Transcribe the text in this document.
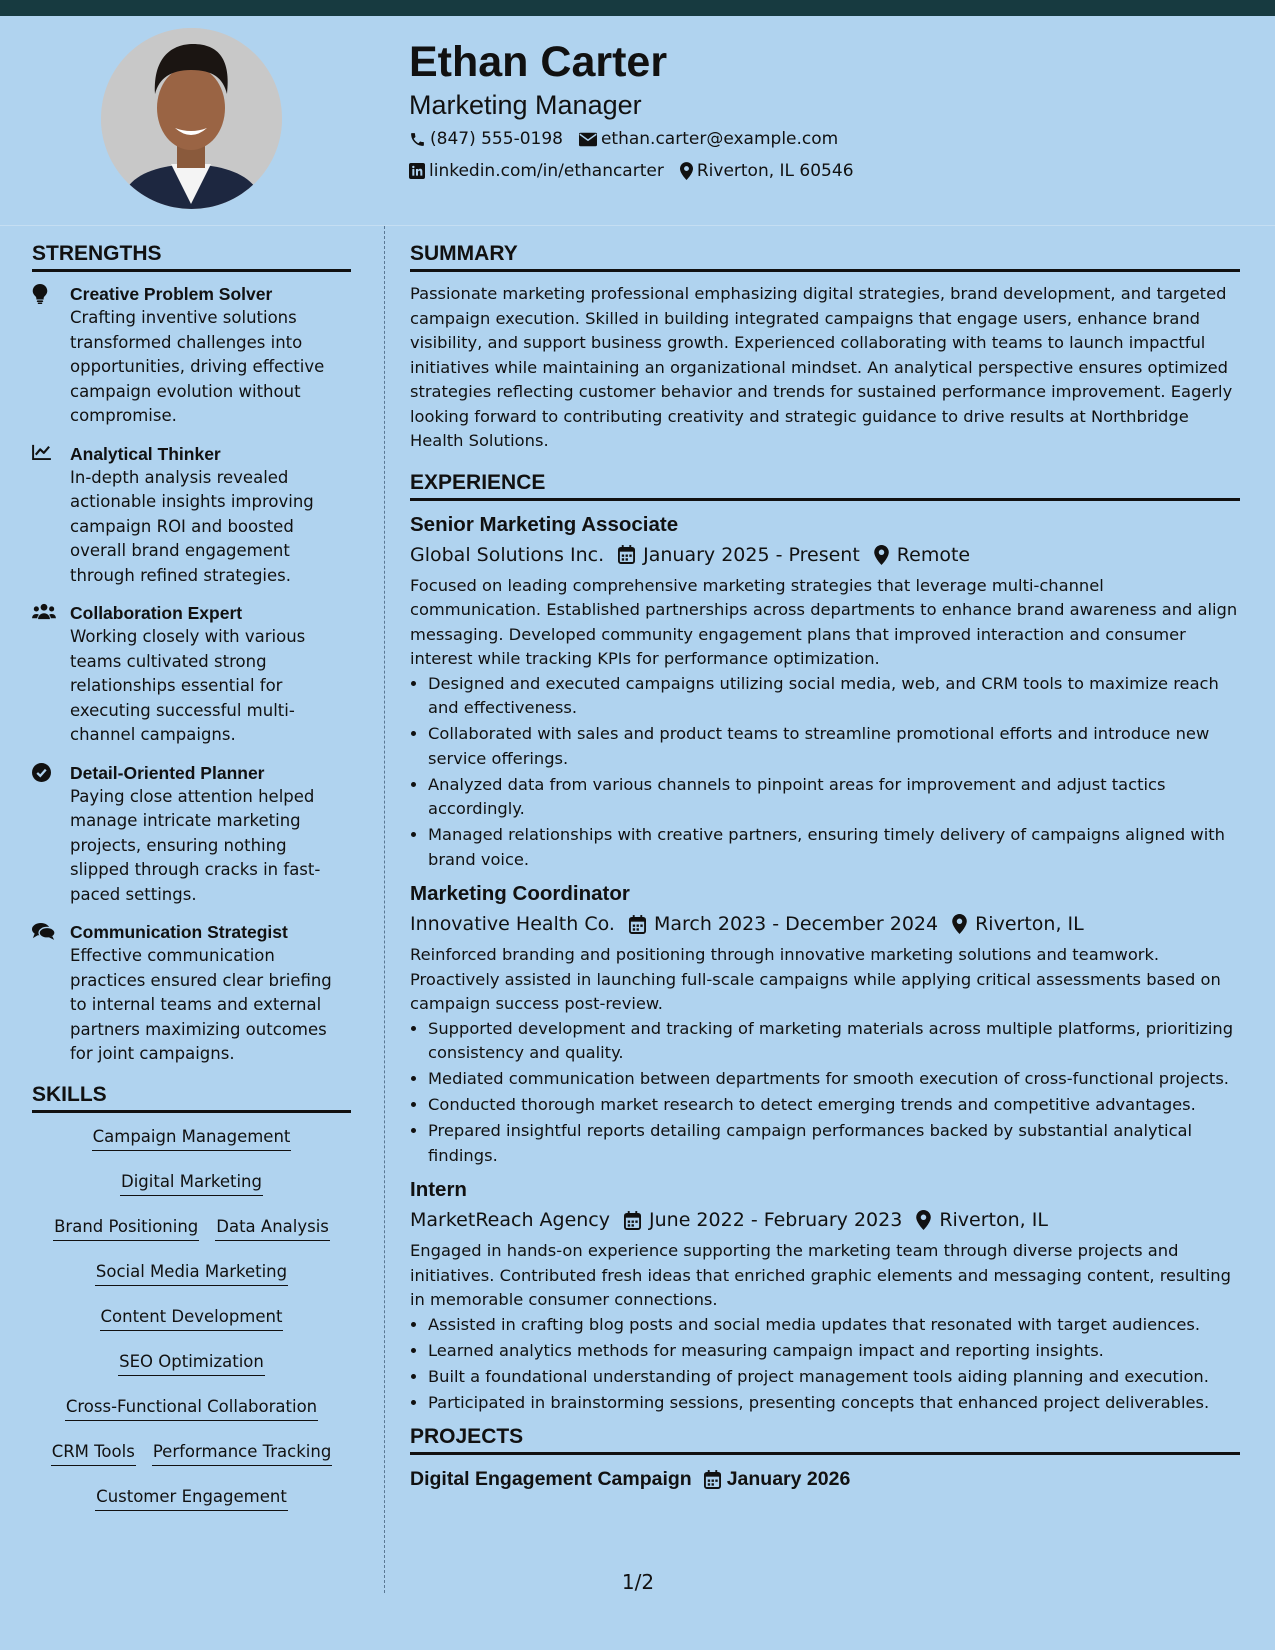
Ethan Carter
Marketing Manager
(847) 555-0198 ethan.carter@example.com
linkedin.com/in/ethancarter Riverton, IL 60546
STRENGTHS
Creative Problem Solver
Crafting inventive solutions transformed challenges into opportunities, driving effective campaign evolution without compromise.
Analytical Thinker
In-depth analysis revealed actionable insights improving campaign ROI and boosted overall brand engagement through refined strategies.
Collaboration Expert
Working closely with various teams cultivated strong relationships essential for executing successful multi-channel campaigns.
Detail-Oriented Planner
Paying close attention helped manage intricate marketing projects, ensuring nothing slipped through cracks in fast-paced settings.
Communication Strategist
Effective communication practices ensured clear briefing to internal teams and external partners maximizing outcomes for joint campaigns.
SKILLS
Campaign Management
Digital Marketing
Brand Positioning Data Analysis
Social Media Marketing
Content Development
SEO Optimization
Cross-Functional Collaboration
CRM Tools Performance Tracking
Customer Engagement
SUMMARY

Passionate marketing professional emphasizing digital strategies, brand development, and targeted campaign execution. Skilled in building integrated campaigns that engage users, enhance brand visibility, and support business growth. Experienced collaborating with teams to launch impactful initiatives while maintaining an organizational mindset. An analytical perspective ensures optimized strategies reflecting customer behavior and trends for sustained performance improvement. Eagerly looking forward to contributing creativity and strategic guidance to drive results at Northbridge Health Solutions.

EXPERIENCE
Senior Marketing Associate
Global Solutions Inc. January 2025 - Present Remote

Focused on leading comprehensive marketing strategies that leverage multi-channel communication. Established partnerships across departments to enhance brand awareness and align messaging. Developed community engagement plans that improved interaction and consumer interest while tracking KPIs for performance optimization.

• Designed and executed campaigns utilizing social media, web, and CRM tools to maximize reach and effectiveness.
• Collaborated with sales and product teams to streamline promotional efforts and introduce new service offerings.
• Analyzed data from various channels to pinpoint areas for improvement and adjust tactics accordingly.
• Managed relationships with creative partners, ensuring timely delivery of campaigns aligned with brand voice.
Marketing Coordinator
Innovative Health Co. March 2023 - December 2024 Riverton, IL

Reinforced branding and positioning through innovative marketing solutions and teamwork. Proactively assisted in launching full-scale campaigns while applying critical assessments based on campaign success post-review.

• Supported development and tracking of marketing materials across multiple platforms, prioritizing consistency and quality.
• Mediated communication between departments for smooth execution of cross-functional projects.
• Conducted thorough market research to detect emerging trends and competitive advantages.
• Prepared insightful reports detailing campaign performances backed by substantial analytical findings.
Intern
MarketReach Agency June 2022 - February 2023 Riverton, IL

Engaged in hands-on experience supporting the marketing team through diverse projects and initiatives. Contributed fresh ideas that enriched graphic elements and messaging content, resulting in memorable consumer connections.

• Assisted in crafting blog posts and social media updates that resonated with target audiences.
• Learned analytics methods for measuring campaign impact and reporting insights.
• Built a foundational understanding of project management tools aiding planning and execution.
• Participated in brainstorming sessions, presenting concepts that enhanced project deliverables.
PROJECTS
Digital Engagement Campaign January 2026
1/2
